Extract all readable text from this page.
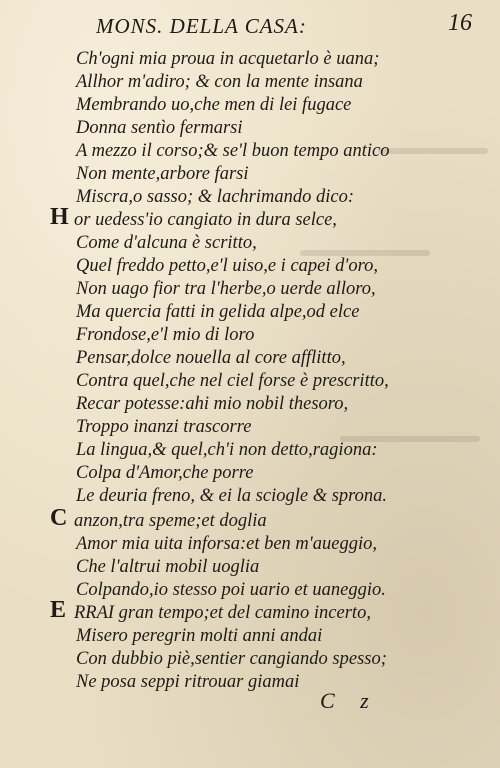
MONS. DELLA CASA:	16
Ch'ogni mia proua in acquetarlo è uana;
Allhor m'adiro; & con la mente insana
Membrando uo,che men di lei fugace
Donna sentìo fermarsi
A mezzo il corso;& se'l buon tempo antico
Non mente,arbore farsi
Miscra,o sasso; & lachrimando dico:
H or uedess'io cangiato in dura selce,
Come d'alcuna è scritto,
Quel freddo petto,e'l uiso,e i capei d'oro,
Non uago fior tra l'herbe,o uerde alloro,
Ma quercia fatti in gelida alpe,od elce
Frondose,e'l mio di loro
Pensar,dolce nouella al core afflitto,
Contra quel,che nel ciel forse è prescritto,
Recar potesse:ahi mio nobil thesoro,
Troppo inanzi trascorre
La lingua,& quel,ch'i non detto,ragiona:
Colpa d'Amor,che porre
Le deuria freno, & ei la sciogle & sprona.
C anzon,tra speme;et doglia
Amor mia uita inforsa:et ben m'aueggio,
Che l'altrui mobil uoglia
Colpando,io stesso poi uario et uaneggio.
E RRAI gran tempo;et del camino incerto,
Misero peregrin molti anni andai
Con dubbio piè,sentier cangiando spesso;
Ne posa seppi ritrouar giamai
C z
